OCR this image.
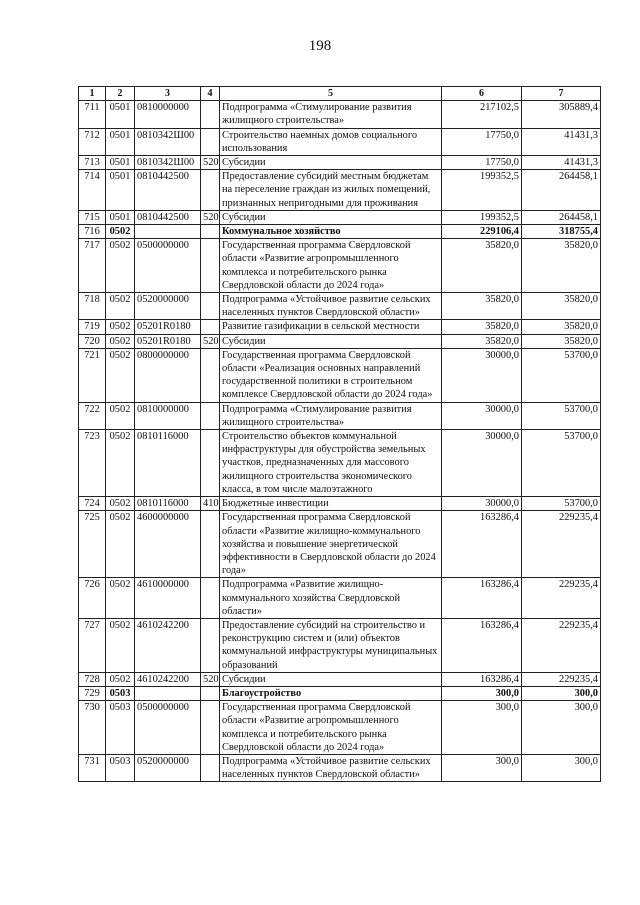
198
1	2	3	4	5	6	7
711	0501	0810000000		Подпрограмма «Стимулирование развития жилищного строительства»	217102,5	305889,4
712	0501	0810342Ш00		Строительство наемных домов социального использования	17750,0	41431,3
713	0501	0810342Ш00	520	Субсидии	17750,0	41431,3
714	0501	0810442500		Предоставление субсидий местным бюджетам на переселение граждан из жилых помещений, признанных непригодными для проживания	199352,5	264458,1
715	0501	0810442500	520	Субсидии	199352,5	264458,1
716	0502			Коммунальное хозяйство	229106,4	318755,4
717	0502	0500000000		Государственная программа Свердловской области «Развитие агропромышленного комплекса и потребительского рынка Свердловской области до 2024 года»	35820,0	35820,0
718	0502	0520000000		Подпрограмма «Устойчивое развитие сельских населенных пунктов Свердловской области»	35820,0	35820,0
719	0502	05201R0180		Развитие газификации в сельской местности	35820,0	35820,0
720	0502	05201R0180	520	Субсидии	35820,0	35820,0
721	0502	0800000000		Государственная программа Свердловской области «Реализация основных направлений государственной политики в строительном комплексе Свердловской области до 2024 года»	30000,0	53700,0
722	0502	0810000000		Подпрограмма «Стимулирование развития жилищного строительства»	30000,0	53700,0
723	0502	0810116000		Строительство объектов коммунальной инфраструктуры для обустройства земельных участков, предназначенных для массового жилищного строительства экономического класса, в том числе малоэтажного	30000,0	53700,0
724	0502	0810116000	410	Бюджетные инвестиции	30000,0	53700,0
725	0502	4600000000		Государственная программа Свердловской области «Развитие жилищно-коммунального хозяйства и повышение энергетической эффективности в Свердловской области до 2024 года»	163286,4	229235,4
726	0502	4610000000		Подпрограмма «Развитие жилищно-коммунального хозяйства Свердловской области»	163286,4	229235,4
727	0502	4610242200		Предоставление субсидий на строительство и реконструкцию систем и (или) объектов коммунальной инфраструктуры муниципальных образований	163286,4	229235,4
728	0502	4610242200	520	Субсидии	163286,4	229235,4
729	0503			Благоустройство	300,0	300,0
730	0503	0500000000		Государственная программа Свердловской области «Развитие агропромышленного комплекса и потребительского рынка Свердловской области до 2024 года»	300,0	300,0
731	0503	0520000000		Подпрограмма «Устойчивое развитие сельских населенных пунктов Свердловской области»	300,0	300,0
